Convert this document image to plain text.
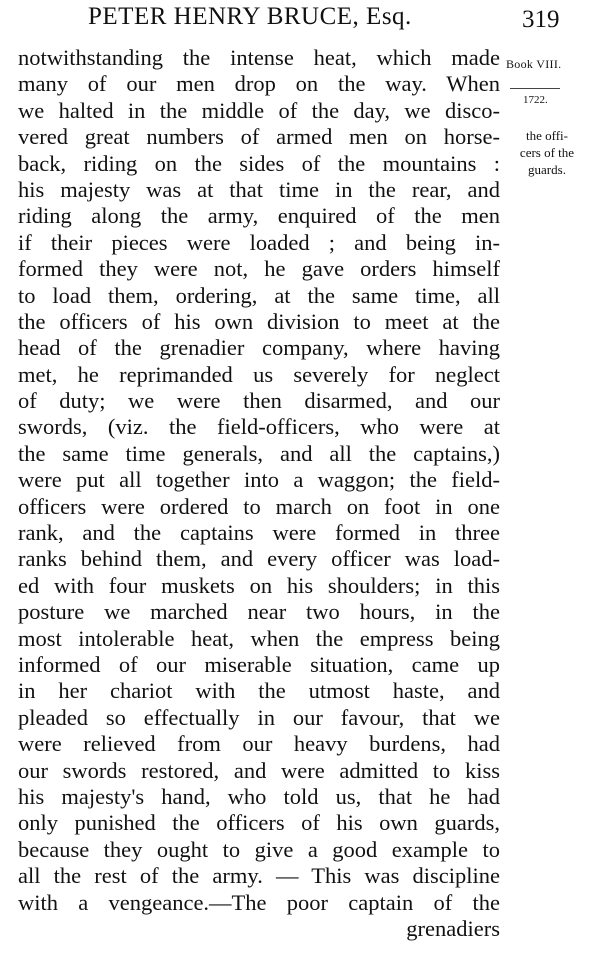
PETER HENRY BRUCE, Esq.	319
Book VIII.
1722.
the offi-
cers of the
guards.
notwithstanding the intense heat, which made
many of our men drop on the way. When
we halted in the middle of the day, we disco-
vered great numbers of armed men on horse-
back, riding on the sides of the mountains :
his majesty was at that time in the rear, and
riding along the army, enquired of the men
if their pieces were loaded ; and being in-
formed they were not, he gave orders himself
to load them, ordering, at the same time, all
the officers of his own division to meet at the
head of the grenadier company, where having
met, he reprimanded us severely for neglect
of duty; we were then disarmed, and our
swords, (viz. the field-officers, who were at
the same time generals, and all the captains,)
were put all together into a waggon; the field-
officers were ordered to march on foot in one
rank, and the captains were formed in three
ranks behind them, and every officer was load-
ed with four muskets on his shoulders; in this
posture we marched near two hours, in the
most intolerable heat, when the empress being
informed of our miserable situation, came up
in her chariot with the utmost haste, and
pleaded so effectually in our favour, that we
were relieved from our heavy burdens, had
our swords restored, and were admitted to kiss
his majesty's hand, who told us, that he had
only punished the officers of his own guards,
because they ought to give a good example to
all the rest of the army. — This was discipline
with a vengeance.—The poor captain of the
grenadiers
